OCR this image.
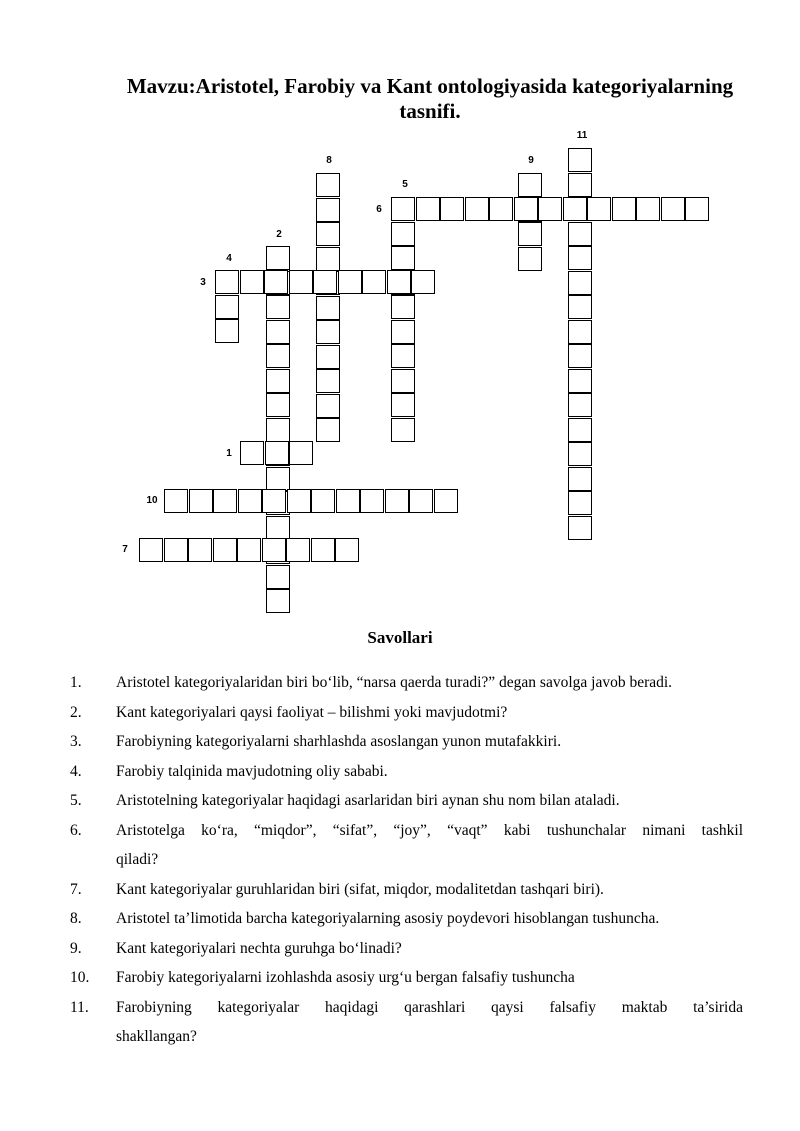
Mavzu:Aristotel, Farobiy va Kant ontologiyasida kategoriyalarning tasnifi.
11
8	9
5
6
2
4
3
1
10
7
Savollari
1.	Aristotel kategoriyalaridan biri bo‘lib, “narsa qaerda turadi?” degan savolga javob beradi.
2.	Kant kategoriyalari qaysi faoliyat – bilishmi yoki mavjudotmi?
3.	Farobiyning kategoriyalarni sharhlashda asoslangan yunon mutafakkiri.
4.	Farobiy talqinida mavjudotning oliy sababi.
5.	Aristotelning kategoriyalar haqidagi asarlaridan biri aynan shu nom bilan ataladi.
6.	Aristotelga ko‘ra, “miqdor”, “sifat”, “joy”, “vaqt” kabi tushunchalar nimani tashkil
qiladi?
7.	Kant kategoriyalar guruhlaridan biri (sifat, miqdor, modalitetdan tashqari biri).
8.	Aristotel ta’limotida barcha kategoriyalarning asosiy poydevori hisoblangan tushuncha.
9.	Kant kategoriyalari nechta guruhga bo‘linadi?
10.	Farobiy kategoriyalarni izohlashda asosiy urg‘u bergan falsafiy tushuncha
11.	Farobiyning kategoriyalar haqidagi qarashlari qaysi falsafiy maktab ta’sirida
shakllangan?
